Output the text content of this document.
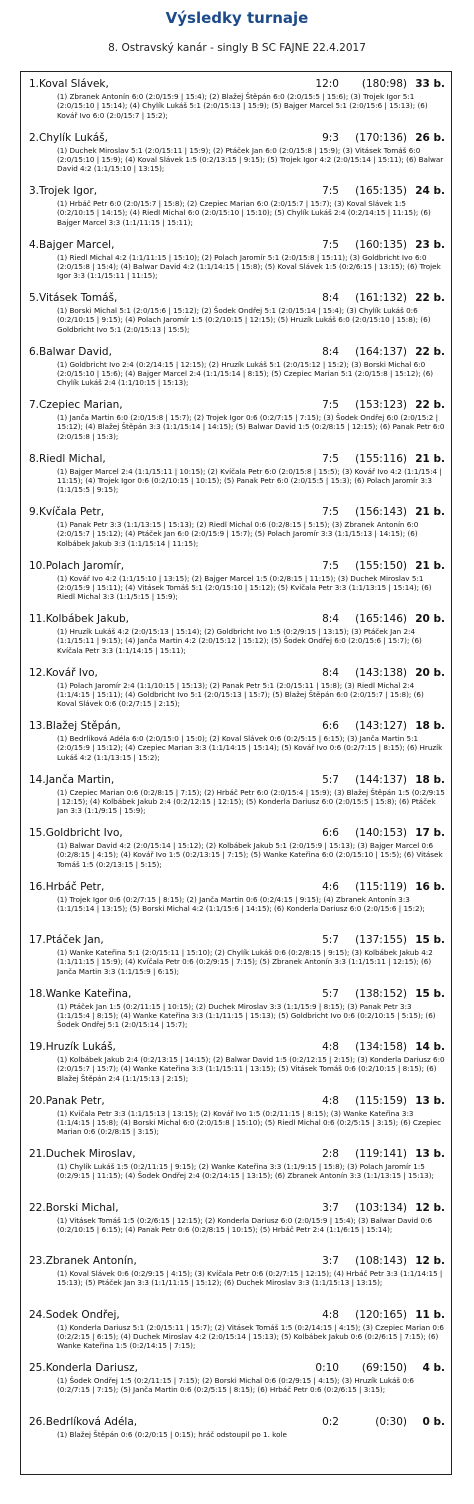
Výsledky turnaje
8. Ostravský kanár - singly B SC FAJNE 22.4.2017
1.Koval Slávek,	12:0	(180:98) 33 b.
(1) Zbranek Antonín 6:0 (2:0/15:9 | 15:4); (2) Blažej Štěpán 6:0 (2:0/15:5 | 15:6); (3) Trojek Igor 5:1 (2:0/15:10 | 15:14); (4) Chylík Lukáš 5:1 (2:0/15:13 | 15:9); (5) Bajger Marcel 5:1 (2:0/15:6 | 15:13); (6) Kovář Ivo 6:0 (2:0/15:7 | 15:2);
2.Chylík Lukáš,	9:3	(170:136) 26 b.
(1) Duchek Miroslav 5:1 (2:0/15:11 | 15:9); (2) Ptáček Jan 6:0 (2:0/15:8 | 15:9); (3) Vitásek Tomáš 6:0 (2:0/15:10 | 15:9); (4) Koval Slávek 1:5 (0:2/13:15 | 9:15); (5) Trojek Igor 4:2 (2:0/15:14 | 15:11); (6) Balwar David 4:2 (1:1/15:10 | 13:15);
3.Trojek Igor,	7:5	(165:135) 24 b.
(1) Hrbáč Petr 6:0 (2:0/15:7 | 15:8); (2) Czepiec Marian 6:0 (2:0/15:7 | 15:7); (3) Koval Slávek 1:5 (0:2/10:15 | 14:15); (4) Riedl Michal 6:0 (2:0/15:10 | 15:10); (5) Chylík Lukáš 2:4 (0:2/14:15 | 11:15); (6) Bajger Marcel 3:3 (1:1/11:15 | 15:11);
4.Bajger Marcel,	7:5	(160:135) 23 b.
(1) Riedl Michal 4:2 (1:1/11:15 | 15:10); (2) Polach Jaromír 5:1 (2:0/15:8 | 15:11); (3) Goldbricht Ivo 6:0 (2:0/15:8 | 15:4); (4) Balwar David 4:2 (1:1/14:15 | 15:8); (5) Koval Slávek 1:5 (0:2/6:15 | 13:15); (6) Trojek Igor 3:3 (1:1/15:11 | 11:15);
5.Vitásek Tomáš,	8:4	(161:132) 22 b.
(1) Borski Michal 5:1 (2:0/15:6 | 15:12); (2) Šodek Ondřej 5:1 (2:0/15:14 | 15:4); (3) Chylík Lukáš 0:6 (0:2/10:15 | 9:15); (4) Polach Jaromír 1:5 (0:2/10:15 | 12:15); (5) Hruzík Lukáš 6:0 (2:0/15:10 | 15:8); (6) Goldbricht Ivo 5:1 (2:0/15:13 | 15:5);
6.Balwar David,	8:4	(164:137) 22 b.
(1) Goldbricht Ivo 2:4 (0:2/14:15 | 12:15); (2) Hruzík Lukáš 5:1 (2:0/15:12 | 15:2); (3) Borski Michal 6:0 (2:0/15:10 | 15:6); (4) Bajger Marcel 2:4 (1:1/15:14 | 8:15); (5) Czepiec Marian 5:1 (2:0/15:8 | 15:12); (6) Chylík Lukáš 2:4 (1:1/10:15 | 15:13);
7.Czepiec Marian,	7:5	(153:123) 22 b.
(1) Janča Martin 6:0 (2:0/15:8 | 15:7); (2) Trojek Igor 0:6 (0:2/7:15 | 7:15); (3) Šodek Ondřej 6:0 (2:0/15:2 | 15:12); (4) Blažej Štěpán 3:3 (1:1/15:14 | 14:15); (5) Balwar David 1:5 (0:2/8:15 | 12:15); (6) Panak Petr 6:0 (2:0/15:8 | 15:3);
8.Riedl Michal,	7:5	(155:116) 21 b.
(1) Bajger Marcel 2:4 (1:1/15:11 | 10:15); (2) Kvíčala Petr 6:0 (2:0/15:8 | 15:5); (3) Kovář Ivo 4:2 (1:1/15:4 | 11:15); (4) Trojek Igor 0:6 (0:2/10:15 | 10:15); (5) Panak Petr 6:0 (2:0/15:5 | 15:3); (6) Polach Jaromír 3:3 (1:1/15:5 | 9:15);
9.Kvíčala Petr,	7:5	(156:143) 21 b.
(1) Panak Petr 3:3 (1:1/13:15 | 15:13); (2) Riedl Michal 0:6 (0:2/8:15 | 5:15); (3) Zbranek Antonín 6:0 (2:0/15:7 | 15:12); (4) Ptáček Jan 6:0 (2:0/15:9 | 15:7); (5) Polach Jaromír 3:3 (1:1/15:13 | 14:15); (6) Kolbábek Jakub 3:3 (1:1/15:14 | 11:15);
10.Polach Jaromír,	7:5	(155:150) 21 b.
(1) Kovář Ivo 4:2 (1:1/15:10 | 13:15); (2) Bajger Marcel 1:5 (0:2/8:15 | 11:15); (3) Duchek Miroslav 5:1 (2:0/15:9 | 15:11); (4) Vitásek Tomáš 5:1 (2:0/15:10 | 15:12); (5) Kvíčala Petr 3:3 (1:1/13:15 | 15:14); (6) Riedl Michal 3:3 (1:1/5:15 | 15:9);
11.Kolbábek Jakub,	8:4	(165:146) 20 b.
(1) Hruzík Lukáš 4:2 (2:0/15:13 | 15:14); (2) Goldbricht Ivo 1:5 (0:2/9:15 | 13:15); (3) Ptáček Jan 2:4 (1:1/15:11 | 9:15); (4) Janča Martin 4:2 (2:0/15:12 | 15:12); (5) Šodek Ondřej 6:0 (2:0/15:6 | 15:7); (6) Kvíčala Petr 3:3 (1:1/14:15 | 15:11);
12.Kovář Ivo,	8:4	(143:138) 20 b.
(1) Polach Jaromír 2:4 (1:1/10:15 | 15:13); (2) Panak Petr 5:1 (2:0/15:11 | 15:8); (3) Riedl Michal 2:4 (1:1/4:15 | 15:11); (4) Goldbricht Ivo 5:1 (2:0/15:13 | 15:7); (5) Blažej Štěpán 6:0 (2:0/15:7 | 15:8); (6) Koval Slávek 0:6 (0:2/7:15 | 2:15);
13.Blažej Štěpán,	6:6	(143:127) 18 b.
(1) Bedrlíková Adéla 6:0 (2:0/15:0 | 15:0); (2) Koval Slávek 0:6 (0:2/5:15 | 6:15); (3) Janča Martin 5:1 (2:0/15:9 | 15:12); (4) Czepiec Marian 3:3 (1:1/14:15 | 15:14); (5) Kovář Ivo 0:6 (0:2/7:15 | 8:15); (6) Hruzík Lukáš 4:2 (1:1/13:15 | 15:2);
14.Janča Martin,	5:7	(144:137) 18 b.
(1) Czepiec Marian 0:6 (0:2/8:15 | 7:15); (2) Hrbáč Petr 6:0 (2:0/15:4 | 15:9); (3) Blažej Štěpán 1:5 (0:2/9:15 | 12:15); (4) Kolbábek Jakub 2:4 (0:2/12:15 | 12:15); (5) Konderla Dariusz 6:0 (2:0/15:5 | 15:8); (6) Ptáček Jan 3:3 (1:1/9:15 | 15:9);
15.Goldbricht Ivo,	6:6	(140:153) 17 b.
(1) Balwar David 4:2 (2:0/15:14 | 15:12); (2) Kolbábek Jakub 5:1 (2:0/15:9 | 15:13); (3) Bajger Marcel 0:6 (0:2/8:15 | 4:15); (4) Kovář Ivo 1:5 (0:2/13:15 | 7:15); (5) Wanke Kateřina 6:0 (2:0/15:10 | 15:5); (6) Vitásek Tomáš 1:5 (0:2/13:15 | 5:15);
16.Hrbáč Petr,	4:6	(115:119) 16 b.
(1) Trojek Igor 0:6 (0:2/7:15 | 8:15); (2) Janča Martin 0:6 (0:2/4:15 | 9:15); (4) Zbranek Antonín 3:3 (1:1/15:14 | 13:15); (5) Borski Michal 4:2 (1:1/15:6 | 14:15); (6) Konderla Dariusz 6:0 (2:0/15:6 | 15:2);
17.Ptáček Jan,	5:7	(137:155) 15 b.
(1) Wanke Kateřina 5:1 (2:0/15:11 | 15:10); (2) Chylík Lukáš 0:6 (0:2/8:15 | 9:15); (3) Kolbábek Jakub 4:2 (1:1/11:15 | 15:9); (4) Kvíčala Petr 0:6 (0:2/9:15 | 7:15); (5) Zbranek Antonín 3:3 (1:1/15:11 | 12:15); (6) Janča Martin 3:3 (1:1/15:9 | 6:15);
18.Wanke Kateřina,	5:7	(138:152) 15 b.
(1) Ptáček Jan 1:5 (0:2/11:15 | 10:15); (2) Duchek Miroslav 3:3 (1:1/15:9 | 8:15); (3) Panak Petr 3:3 (1:1/15:4 | 8:15); (4) Wanke Kateřina 3:3 (1:1/11:15 | 15:13); (5) Goldbricht Ivo 0:6 (0:2/10:15 | 5:15); (6) Šodek Ondřej 5:1 (2:0/15:14 | 15:7);
19.Hruzík Lukáš,	4:8	(134:158) 14 b.
(1) Kolbábek Jakub 2:4 (0:2/13:15 | 14:15); (2) Balwar David 1:5 (0:2/12:15 | 2:15); (3) Konderla Dariusz 6:0 (2:0/15:7 | 15:7); (4) Wanke Kateřina 3:3 (1:1/15:11 | 13:15); (5) Vitásek Tomáš 0:6 (0:2/10:15 | 8:15); (6) Blažej Štěpán 2:4 (1:1/15:13 | 2:15);
20.Panak Petr,	4:8	(115:159) 13 b.
(1) Kvíčala Petr 3:3 (1:1/15:13 | 13:15); (2) Kovář Ivo 1:5 (0:2/11:15 | 8:15); (3) Wanke Kateřina 3:3 (1:1/4:15 | 15:8); (4) Borski Michal 6:0 (2:0/15:8 | 15:10); (5) Riedl Michal 0:6 (0:2/5:15 | 3:15); (6) Czepiec Marian 0:6 (0:2/8:15 | 3:15);
21.Duchek Miroslav,	2:8	(119:141) 13 b.
(1) Chylík Lukáš 1:5 (0:2/11:15 | 9:15); (2) Wanke Kateřina 3:3 (1:1/9:15 | 15:8); (3) Polach Jaromír 1:5 (0:2/9:15 | 11:15); (4) Šodek Ondřej 2:4 (0:2/14:15 | 13:15); (6) Zbranek Antonín 3:3 (1:1/13:15 | 15:13);
22.Borski Michal,	3:7	(103:134) 12 b.
(1) Vitásek Tomáš 1:5 (0:2/6:15 | 12:15); (2) Konderla Dariusz 6:0 (2:0/15:9 | 15:4); (3) Balwar David 0:6 (0:2/10:15 | 6:15); (4) Panak Petr 0:6 (0:2/8:15 | 10:15); (5) Hrbáč Petr 2:4 (1:1/6:15 | 15:14);
23.Zbranek Antonín,	3:7	(108:143) 12 b.
(1) Koval Slávek 0:6 (0:2/9:15 | 4:15); (3) Kvíčala Petr 0:6 (0:2/7:15 | 12:15); (4) Hrbáč Petr 3:3 (1:1/14:15 | 15:13); (5) Ptáček Jan 3:3 (1:1/11:15 | 15:12); (6) Duchek Miroslav 3:3 (1:1/15:13 | 13:15);
24.Šodek Ondřej,	4:8	(120:165) 11 b.
(1) Konderla Dariusz 5:1 (2:0/15:11 | 15:7); (2) Vitásek Tomáš 1:5 (0:2/14:15 | 4:15); (3) Czepiec Marian 0:6 (0:2/2:15 | 6:15); (4) Duchek Miroslav 4:2 (2:0/15:14 | 15:13); (5) Kolbábek Jakub 0:6 (0:2/6:15 | 7:15); (6) Wanke Kateřina 1:5 (0:2/14:15 | 7:15);
25.Konderla Dariusz,	0:10	(69:150)	4 b.
(1) Šodek Ondřej 1:5 (0:2/11:15 | 7:15); (2) Borski Michal 0:6 (0:2/9:15 | 4:15); (3) Hruzík Lukáš 0:6 (0:2/7:15 | 7:15); (5) Janča Martin 0:6 (0:2/5:15 | 8:15); (6) Hrbáč Petr 0:6 (0:2/6:15 | 3:15);
26.Bedrlíková Adéla,	0:2	(0:30)	0 b.
(1) Blažej Štěpán 0:6 (0:2/0:15 | 0:15); hráč odstoupil po 1. kole
